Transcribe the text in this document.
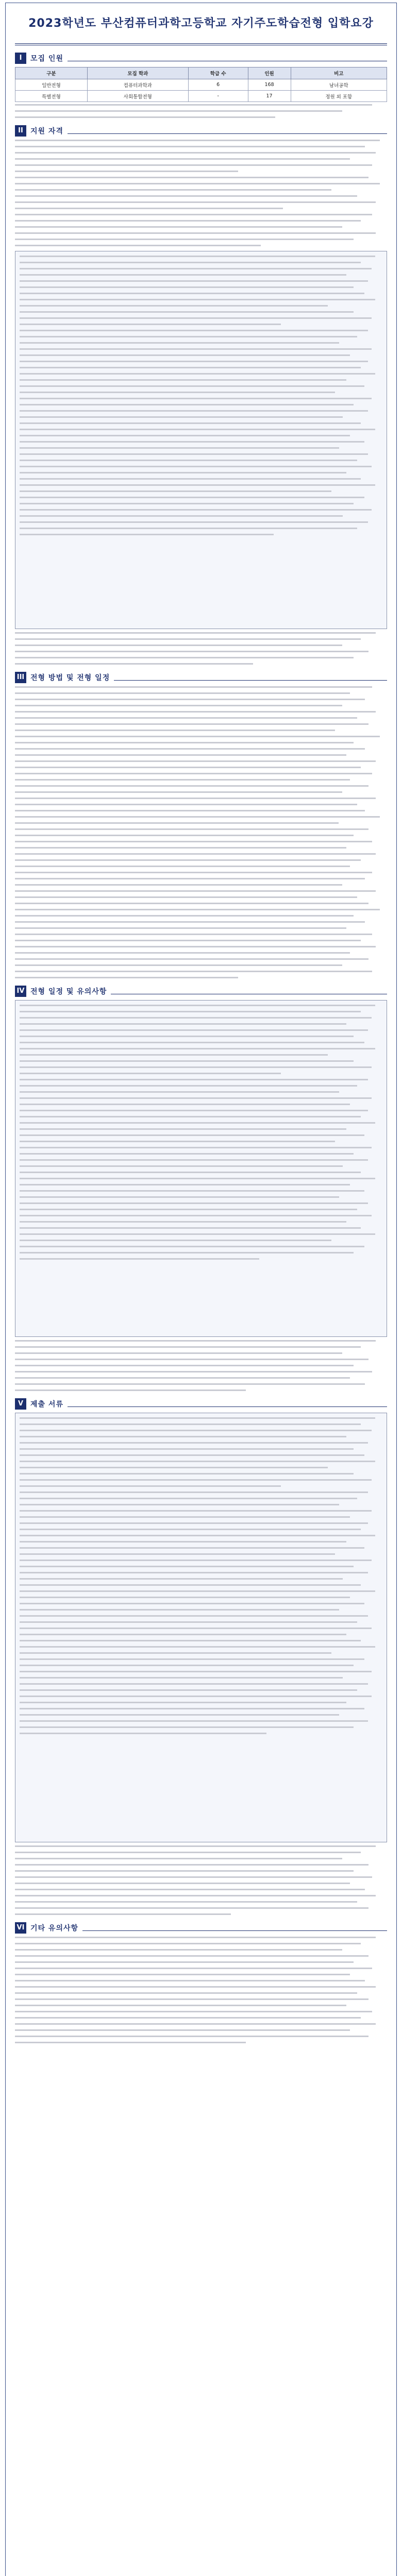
2023학년도 부산컴퓨터과학고등학교 자기주도학습전형 입학요강
I	모집 인원
구분	모집 학과	학급 수	인원	비고
일반전형	컴퓨터과학과	6	168	남녀공학
특별전형	사회통합전형	-	17	정원 외 포함
II	지원 자격
III 전형 방법 및 전형 일정
IV 전형 일정 및 유의사항
V 제출 서류
VI 기타 유의사항
